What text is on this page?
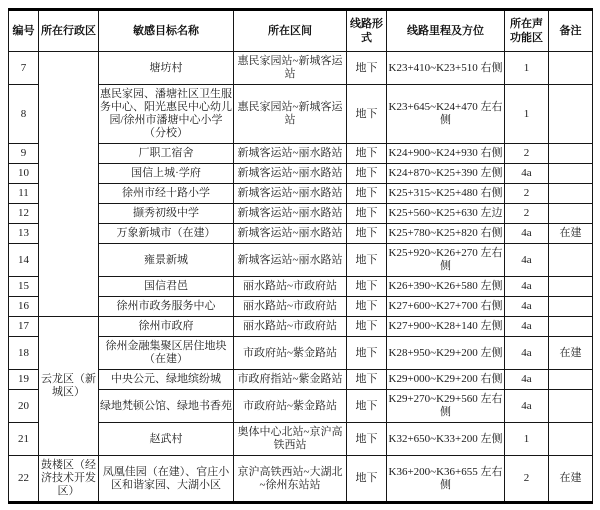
编号	所在行政区	敏感目标名称	所在区间	线路形式	线路里程及方位	所在声功能区	备注
7		塘坊村	惠民家园站~新城客运站	地下	K23+410~K23+510 右侧	1	
8		惠民家园、潘塘社区卫生服务中心、阳光惠民中心幼儿园/徐州市潘塘中心小学（分校）	惠民家园站~新城客运站	地下	K23+645~K24+470 左右侧	1	
9		厂职工宿舍	新城客运站~丽水路站	地下	K24+900~K24+930 右侧	2	
10		国信上城·学府	新城客运站~丽水路站	地下	K24+870~K25+390 左侧	4a	
11		徐州市经十路小学	新城客运站~丽水路站	地下	K25+315~K25+480 右侧	2	
12		撷秀初级中学	新城客运站~丽水路站	地下	K25+560~K25+630 左边	2	
13		万象新城市（在建）	新城客运站~丽水路站	地下	K25+780~K25+820 右侧	4a	在建
14		雍景新城	新城客运站~丽水路站	地下	K25+920~K26+270 左右侧	4a	
15		国信君邑	丽水路站~市政府站	地下	K26+390~K26+580 左侧	4a	
16		徐州市政务服务中心	丽水路站~市政府站	地下	K27+600~K27+700 右侧	4a	
17	云龙区（新城区）	徐州市政府	丽水路站~市政府站	地下	K27+900~K28+140 左侧	4a	
18		徐州金融集聚区居住地块（在建）	市政府站~紫金路站	地下	K28+950~K29+200 左侧	4a	在建
19		中央公元、绿地缤纷城	市政府指站~紫金路站	地下	K29+000~K29+200 右侧	4a	
20		绿地梵顿公馆、绿地书香苑	市政府站~紫金路站	地下	K29+270~K29+560 左右侧	4a	
21		赵武村	奥体中心北站~京沪高铁西站	地下	K32+650~K33+200 左侧	1	
22	鼓楼区（经济技术开发区）	凤凰佳园（在建）、官庄小区和谐家园、大湖小区	京沪高铁西站~大湖北~徐州东站站	地下	K36+200~K36+655 左右侧	2	在建
